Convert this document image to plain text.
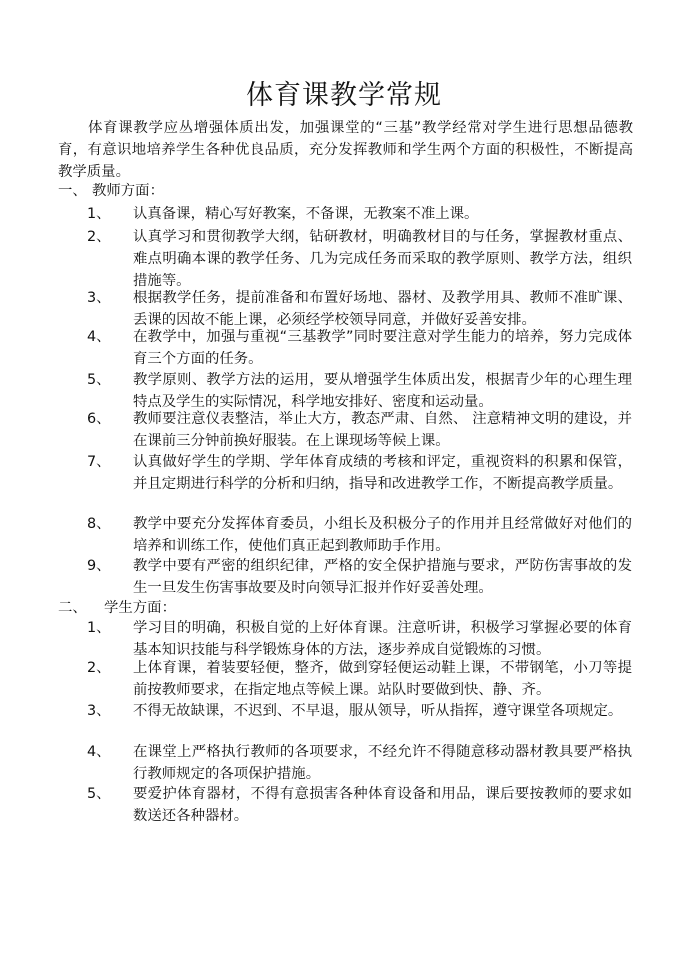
体育课教学常规
体育课教学应丛增强体质出发，加强课堂的“三基”教学经常对学生进行思想品德教育，有意识地培养学生各种优良品质，充分发挥教师和学生两个方面的积极性，不断提高教学质量。
一、 教师方面：
1、	认真备课，精心写好教案，不备课，无教案不准上课。
2、	认真学习和贯彻教学大纲，钻研教材，明确教材目的与任务，掌握教材重点、难点明确本课的教学任务、几为完成任务而采取的教学原则、教学方法，组织措施等。
3、	根据教学任务，提前准备和布置好场地、器材、及教学用具、教师不准旷课、丢课的因故不能上课，必须经学校领导同意，并做好妥善安排。
4、	在教学中，加强与重视“三基教学”同时要注意对学生能力的培养，努力完成体育三个方面的任务。
5、	教学原则、教学方法的运用，要从增强学生体质出发，根据青少年的心理生理特点及学生的实际情况，科学地安排好、密度和运动量。
6、	教师要注意仪表整洁，举止大方，教态严肃、自然、 注意精神文明的建设，并在课前三分钟前换好服装。在上课现场等候上课。
7、	认真做好学生的学期、学年体育成绩的考核和评定，重视资料的积累和保管，并且定期进行科学的分析和归纳，指导和改进教学工作，不断提高教学质量。
8、	教学中要充分发挥体育委员，小组长及积极分子的作用并且经常做好对他们的培养和训练工作，使他们真正起到教师助手作用。
9、	教学中要有严密的组织纪律，严格的安全保护措施与要求，严防伤害事故的发生一旦发生伤害事故要及时向领导汇报并作好妥善处理。
二、 学生方面：
1、	学习目的明确，积极自觉的上好体育课。注意听讲，积极学习掌握必要的体育基本知识技能与科学锻炼身体的方法，逐步养成自觉锻炼的习惯。
2、	上体育课，着装要轻便，整齐，做到穿轻便运动鞋上课，不带钢笔，小刀等提前按教师要求，在指定地点等候上课。站队时要做到快、静、齐。
3、	不得无故缺课，不迟到、不早退，服从领导，听从指挥，遵守课堂各项规定。
4、	在课堂上严格执行教师的各项要求，不经允许不得随意移动器材教具要严格执行教师规定的各项保护措施。
5、	要爱护体育器材，不得有意损害各种体育设备和用品，课后要按教师的要求如数送还各种器材。
